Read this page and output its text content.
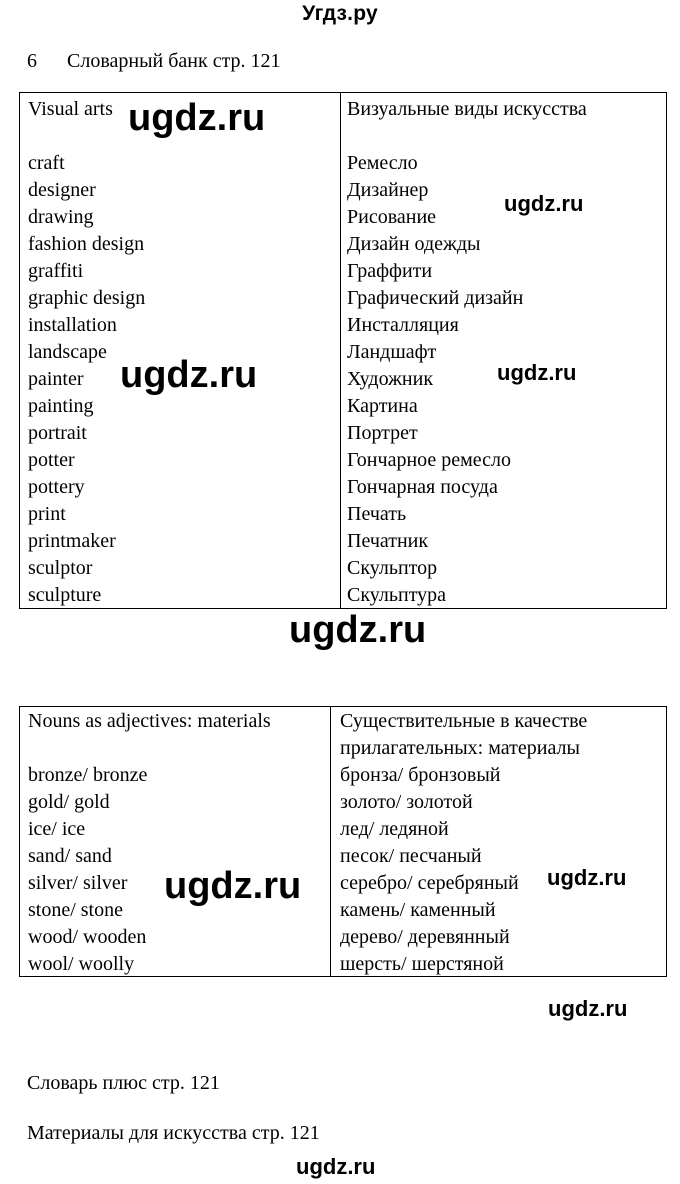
Угдз.ру
6 Словарный банк стр. 121
Visual arts
craft
designer
drawing
fashion design
graffiti
graphic design
installation
landscape
painter
painting
portrait
potter
pottery
print
printmaker
sculptor
sculpture
Визуальные виды искусства
Ремесло
Дизайнер
Рисование
Дизайн одежды
Граффити
Графический дизайн
Инсталляция
Ландшафт
Художник
Картина
Портрет
Гончарное ремесло
Гончарная посуда
Печать
Печатник
Скульптор
Скульптура
Nouns as adjectives: materials
bronze/ bronze
gold/ gold
ice/ ice
sand/ sand
silver/ silver
stone/ stone
wood/ wooden
wool/ woolly
Существительные в качестве
прилагательных: материалы
бронза/ бронзовый
золото/ золотой
лед/ ледяной
песок/ песчаный
серебро/ серебряный
камень/ каменный
дерево/ деревянный
шерсть/ шерстяной
Словарь плюс стр. 121
Материалы для искусства стр. 121
ugdz.ru
ugdz.ru
ugdz.ru	ugdz.ru
ugdz.ru
ugdz.ru	ugdz.ru
ugdz.ru
ugdz.ru
